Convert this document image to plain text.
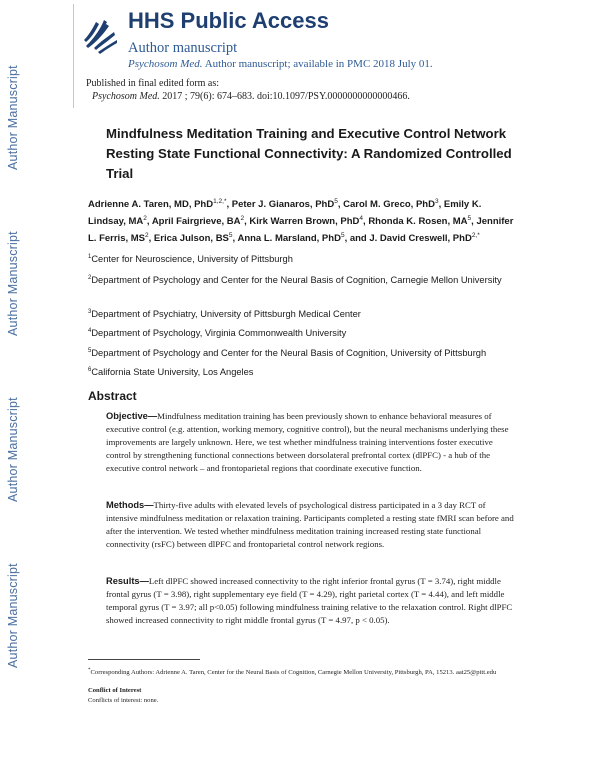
Author Manuscript
Author Manuscript
Author Manuscript
Author Manuscript
HHS Public Access
Author manuscript
Psychosom Med. Author manuscript; available in PMC 2018 July 01.
Published in final edited form as:
Psychosom Med. 2017 ; 79(6): 674–683. doi:10.1097/PSY.0000000000000466.
Mindfulness Meditation Training and Executive Control Network Resting State Functional Connectivity: A Randomized Controlled Trial
Adrienne A. Taren, MD, PhD$^{1,2,*}$, Peter J. Gianaros, PhD$^5$, Carol M. Greco, PhD$^3$, Emily K. Lindsay, $MA^2$, April Fairgrieve, $BA^2$, Kirk Warren Brown, PhD$^4$, Rhonda K. Rosen, $MA^5$, Jennifer L. Ferris, $MS^2$, Erica Julson, $BS^5$, Anna L. Marsland, PhD$^5$, and J. David Creswell, PhD$^{2,*}$
$^1$Center for Neuroscience, University of Pittsburgh
$^2$Department of Psychology and Center for the Neural Basis of Cognition, Carnegie Mellon University
$^3$Department of Psychiatry, University of Pittsburgh Medical Center
$^4$Department of Psychology, Virginia Commonwealth University
$^5$Department of Psychology and Center for the Neural Basis of Cognition, University of Pittsburgh
$^6$California State University, Los Angeles
Abstract
Objective—Mindfulness meditation training has been previously shown to enhance behavioral measures of executive control (e.g. attention, working memory, cognitive control), but the neural mechanisms underlying these improvements are largely unknown. Here, we test whether mindfulness training interventions foster executive control by strengthening functional connections between dorsolateral prefrontal cortex (dlPFC) - a hub of the executive control network – and frontoparietal regions that coordinate executive function.
Methods—Thirty-five adults with elevated levels of psychological distress participated in a 3 day RCT of intensive mindfulness meditation or relaxation training. Participants completed a resting state fMRI scan before and after the intervention. We tested whether mindfulness meditation training increased resting state functional connectivity (rsFC) between dlPFC and frontoparietal control network regions.
Results—Left dlPFC showed increased connectivity to the right inferior frontal gyrus (T = 3.74), right middle frontal gyrus (T = 3.98), right supplementary eye field (T = 4.29), right parietal cortex (T = 4.44), and left middle temporal gyrus (T = 3.97; all p<0.05) following mindfulness training relative to the relaxation control. Right dlPFC showed increased connectivity to right middle frontal gyrus (T = 4.97, p < 0.05).
*Corresponding Authors: Adrienne A. Taren, Center for the Neural Basis of Cognition, Carnegie Mellon University, Pittsburgh, PA, 15213. aat25@pitt.edu
Conflict of Interest
Conflicts of interest: none.
